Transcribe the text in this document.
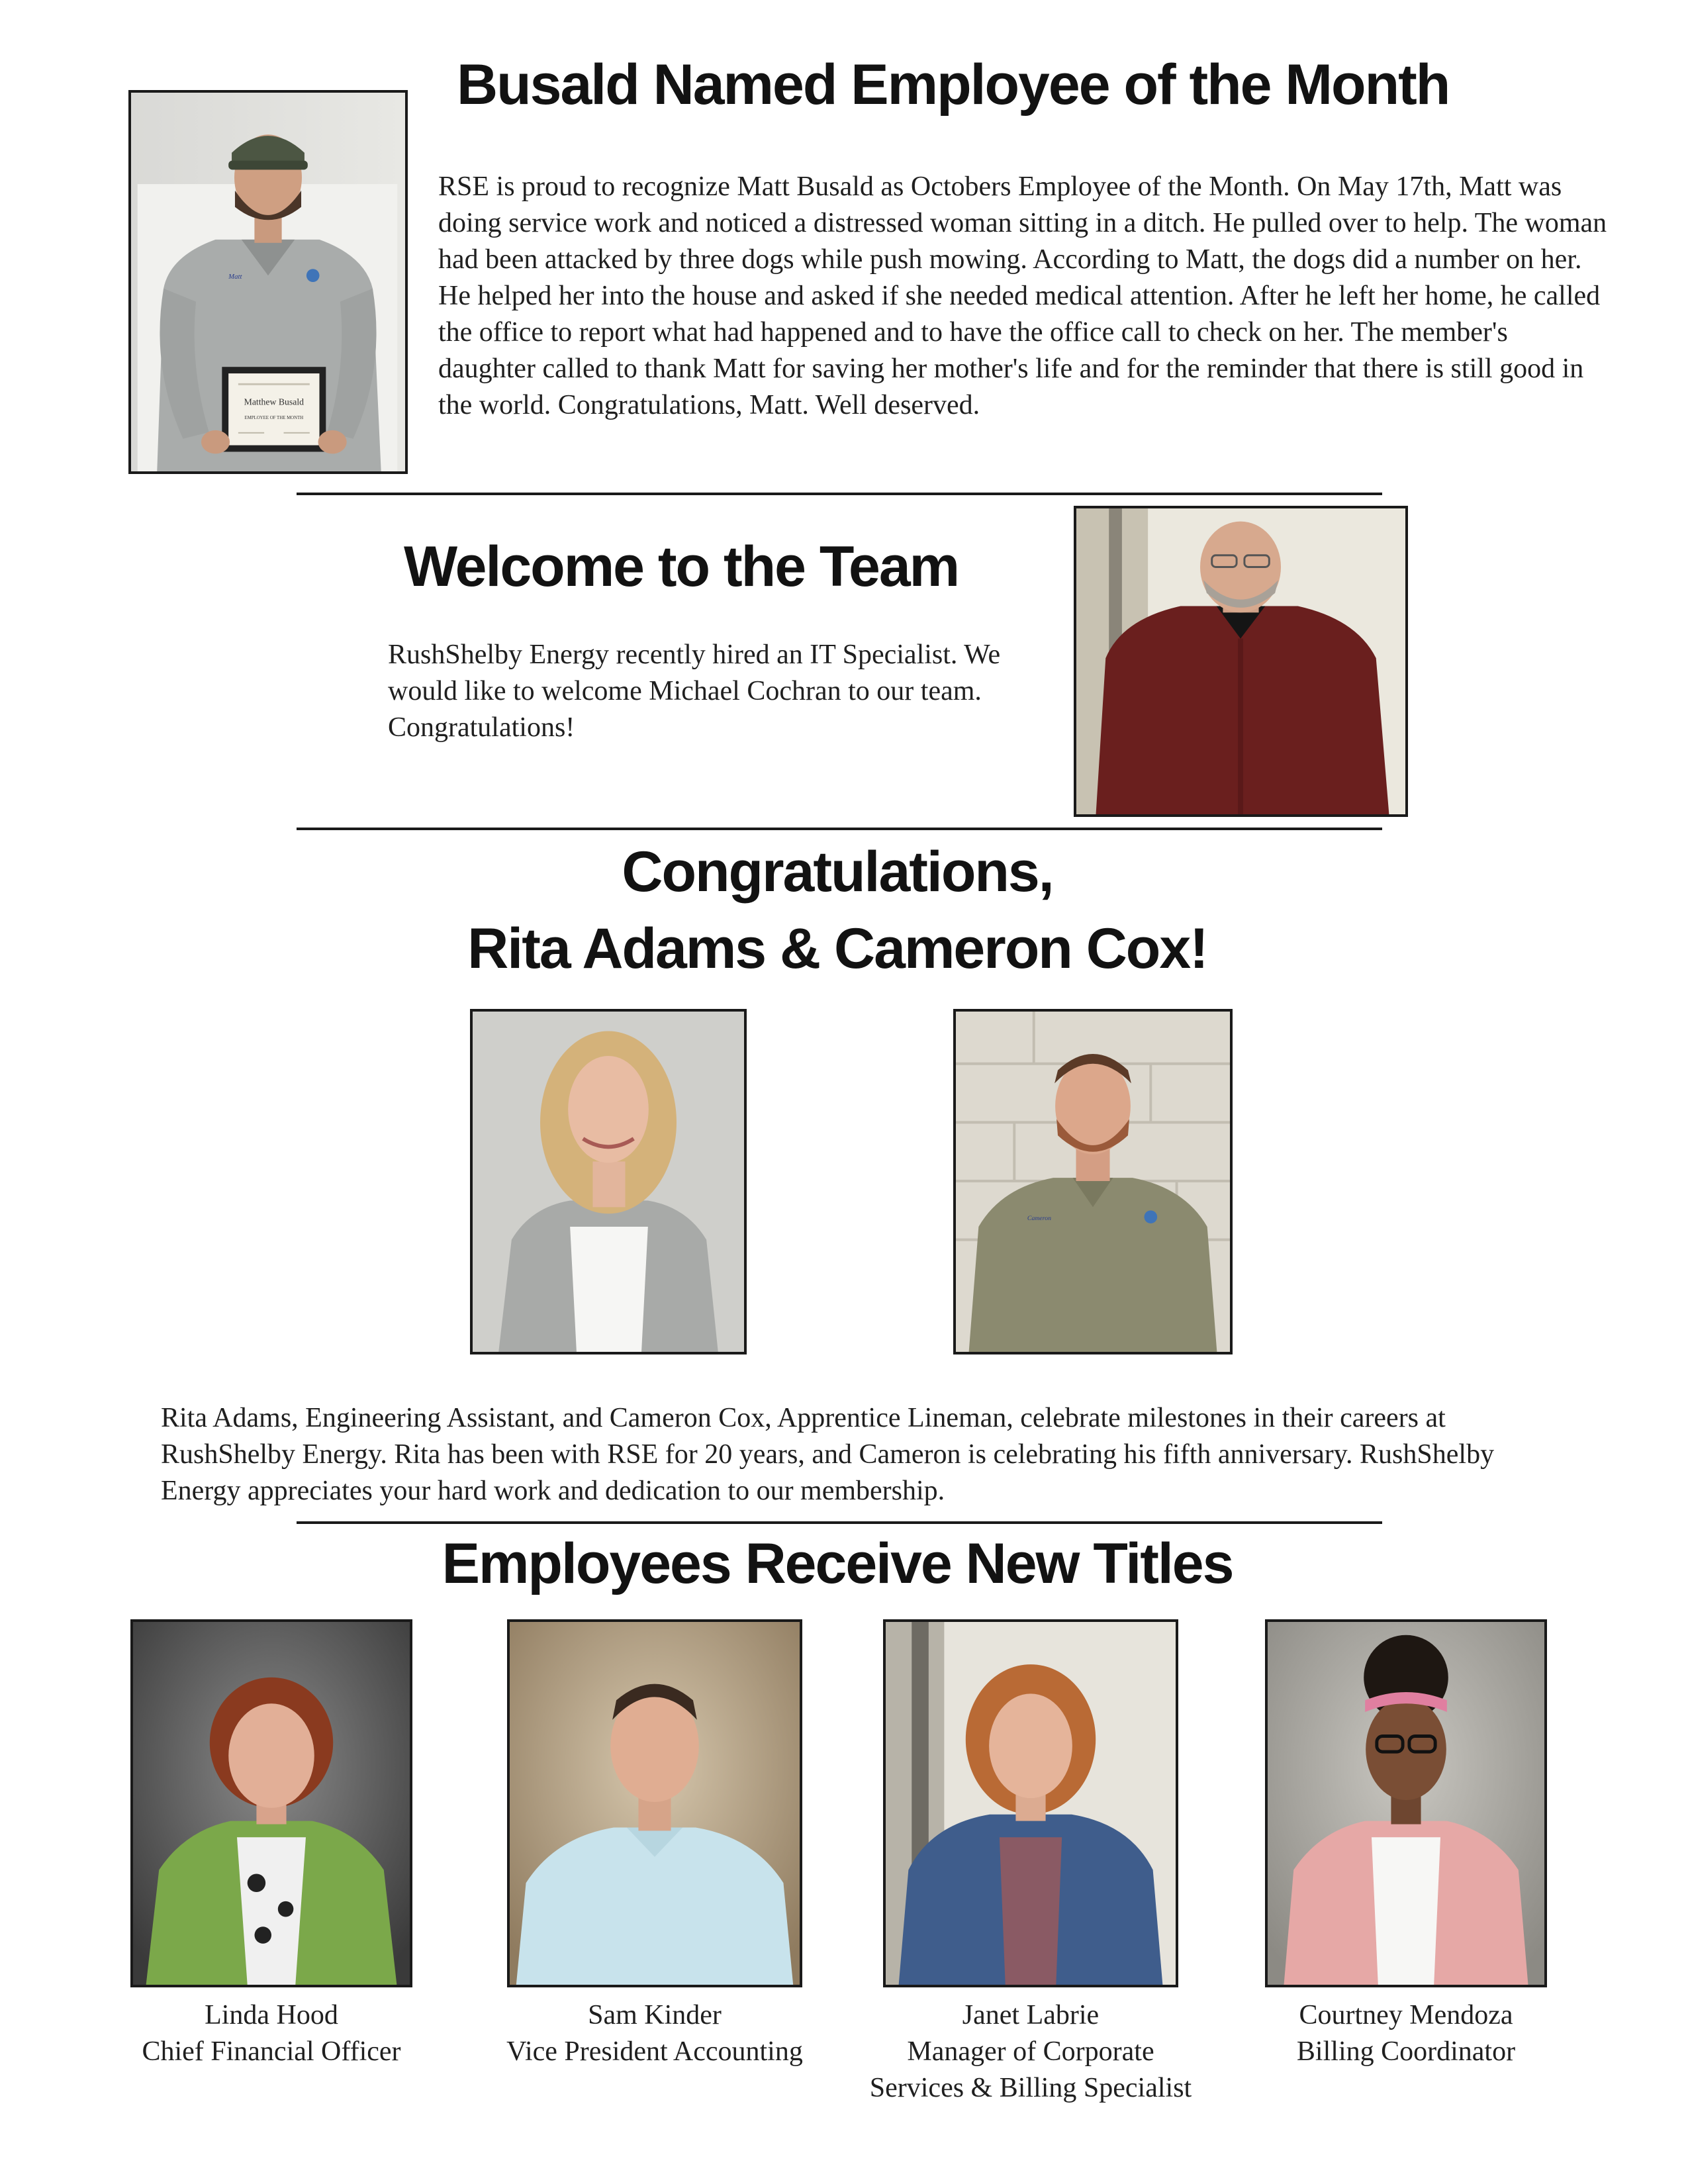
Busald Named Employee of the Month
Matthew Busald
EMPLOYEE OF THE MONTH
Matt

RSE is proud to recognize Matt Busald as Octobers Employee of the Month. On May 17th, Matt was doing service work and noticed a distressed woman sitting in a ditch. He pulled over to help. The woman had been attacked by three dogs while push mowing. According to Matt, the dogs did a number on her. He helped her into the house and asked if she needed medical attention. After he left her home, he called the office to report what had happened and to have the office call to check on her. The member's daughter called to thank Matt for saving her mother's life and for the reminder that there is still good in the world. Congratulations, Matt. Well deserved.

Welcome to the Team

RushShelby Energy recently hired an IT Specialist. We would like to welcome Michael Cochran to our team. Congratulations!

Congratulations,
Rita Adams & Cameron Cox!
Cameron

Rita Adams, Engineering Assistant, and Cameron Cox, Apprentice Lineman, celebrate milestones in their careers at RushShelby Energy. Rita has been with RSE for 20 years, and Cameron is celebrating his fifth anniversary. RushShelby Energy appreciates your hard work and dedication to our membership.

Employees Receive New Titles
Linda Hood
Chief Financial Officer
Sam Kinder
Vice President Accounting
Janet Labrie
Manager of Corporate
Services & Billing Specialist
Courtney Mendoza
Billing Coordinator
